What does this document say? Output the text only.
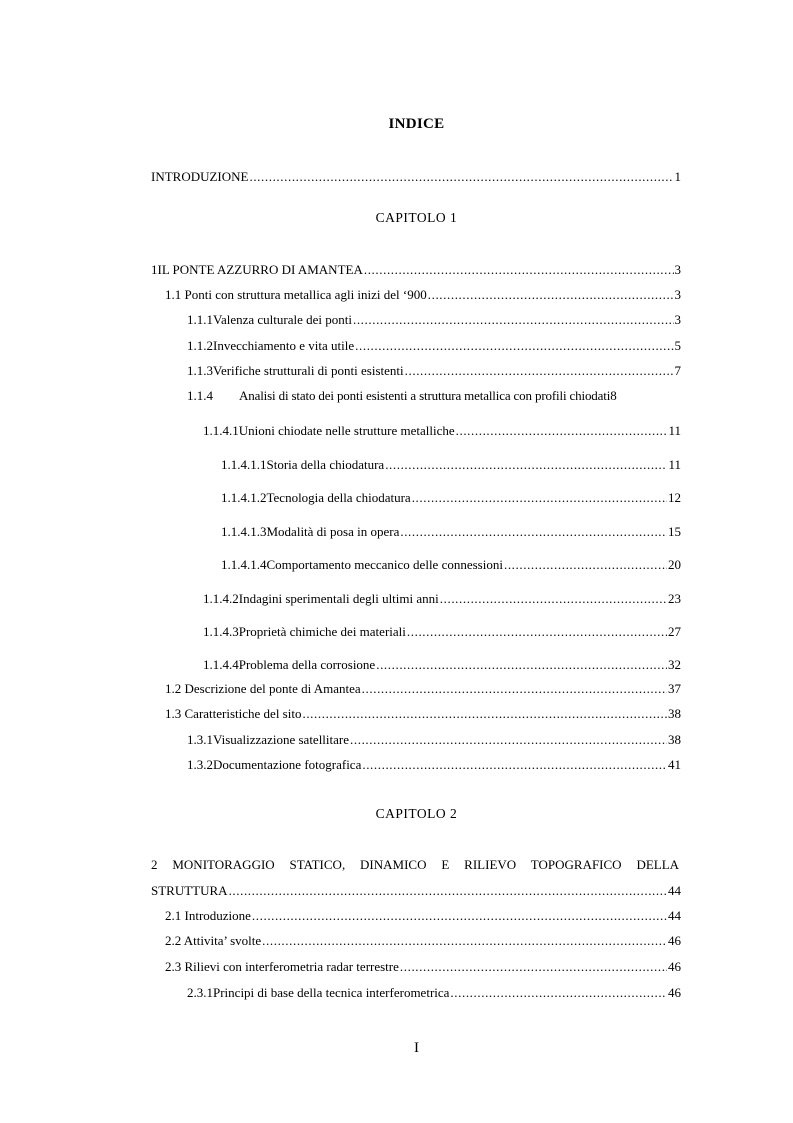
INDICE
INTRODUZIONE .....	1
CAPITOLO 1
1 IL PONTE AZZURRO DI AMANTEA .....	3
1.1 Ponti con struttura metallica agli inizi del ‘900 .....	3
1.1.1 Valenza culturale dei ponti .....	3
1.1.2 Invecchiamento e vita utile .....	5
1.1.3 Verifiche strutturali di ponti esistenti .....	7
1.1.4	Analisi di stato dei ponti esistenti a struttura metallica con profili chiodati 8
1.1.4.1 Unioni chiodate nelle strutture metalliche .....	11
1.1.4.1.1 Storia della chiodatura .....	11
1.1.4.1.2 Tecnologia della chiodatura .....	12
1.1.4.1.3 Modalità di posa in opera .....	15
1.1.4.1.4 Comportamento meccanico delle connessioni .....	20
1.1.4.2 Indagini sperimentali degli ultimi anni .....	23
1.1.4.3 Proprietà chimiche dei materiali .....	27
1.1.4.4 Problema della corrosione .....	32
1.2 Descrizione del ponte di Amantea .....	37
1.3 Caratteristiche del sito .....	38
1.3.1 Visualizzazione satellitare .....	38
1.3.2 Documentazione fotografica .....	41
CAPITOLO 2
2 MONITORAGGIO STATICO, DINAMICO E RILIEVO TOPOGRAFICO DELLA
STRUTTURA .....	44
2.1 Introduzione .....	44
2.2 Attivita’ svolte .....	46
2.3 Rilievi con interferometria radar terrestre .....	46
2.3.1 Principi di base della tecnica interferometrica .....	46
I
